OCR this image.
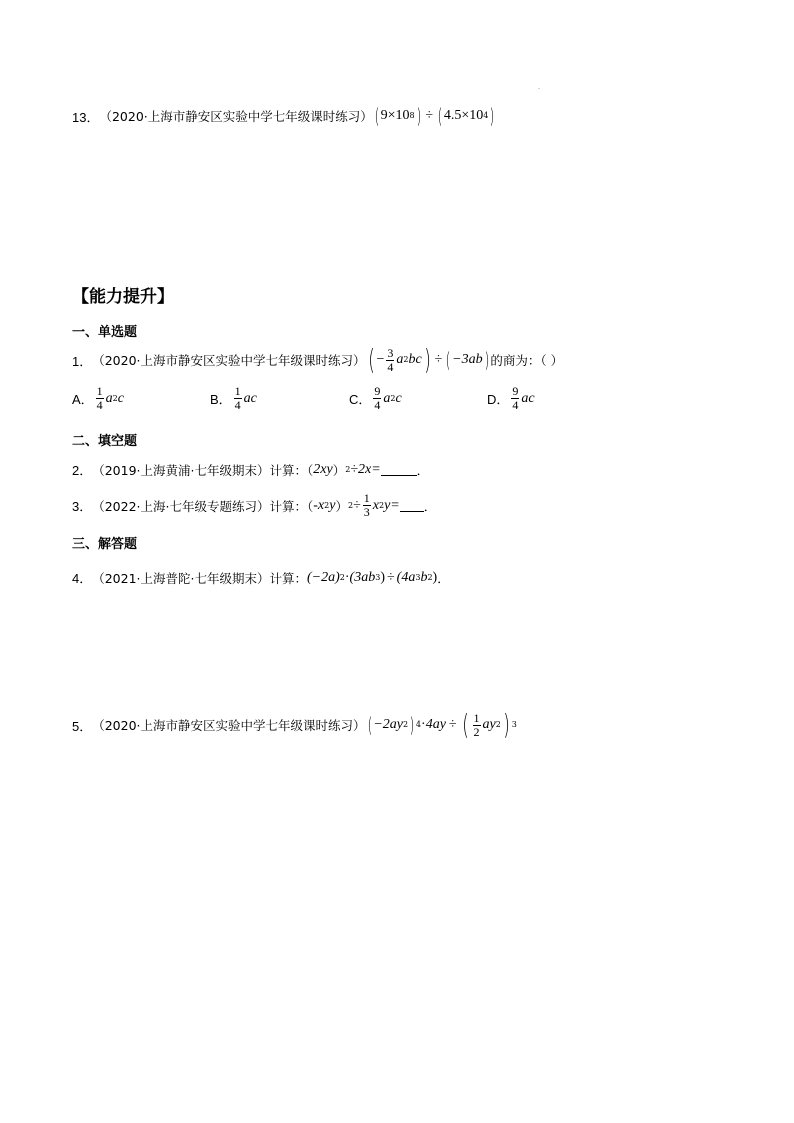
.
13． （2020·上海市静安区实验中学七年级课时练习） ( 9×10 8 ) ÷ ( 4.5×10 4 )
【能力提升】
一、单选题
1． （2020·上海市静安区实验中学七年级课时练习） ( − $\frac{3}{4}$ a 2 bc ) ÷ ( −3ab ) 的商为：（ ）
A． $\frac{1}{4}$ a 2 c	B． $\frac{1}{4}$ ac	C． $\frac{9}{4}$ a 2 c	D． $\frac{9}{4}$ ac
二、填空题
2． （2019·上海黄浦·七年级期末）计算：（ 2xy ） 2 ÷2x=	．
3． （2022·上海·七年级专题练习）计算：（ -x 2 y ） $2 \div \frac{1}{3}$ x 2 y= ．
三、解答题
4． （2021·上海普陀·七年级期末）计算： (−2a) 2 · (3ab 3 ) ÷ (4a 3 b 2 ) ．
5． （2020·上海市静安区实验中学七年级课时练习） ( −2ay 2 ) 4 · 4ay ÷ ( $\frac{1}{2}$ ay 2 ) 3
